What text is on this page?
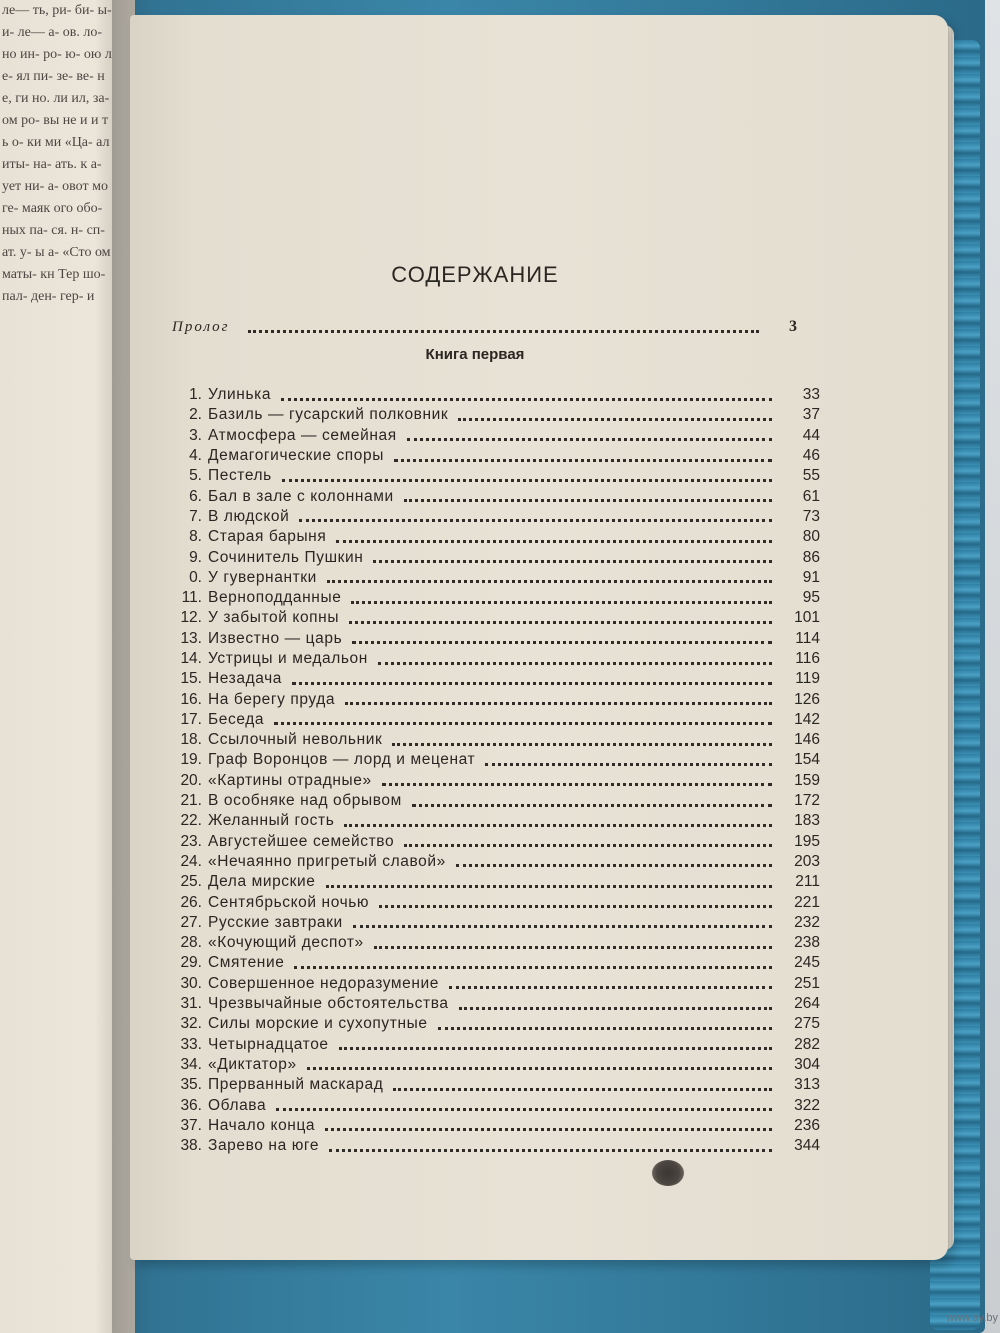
ле— ть, ри- би- ы- и- ле— а- ов. ло- но ин- ро- ю- ою ле- ял пи- зе- ве- не, ги но. ли ил, за- ом ро- вы не и и ть о- ки ми «Ца- ал иты- на- ать. к а- ует ни- а- овот моге- маяк ого обо- ных па- ся. н- сп- ат. у- ы а- «Сто ом маты- кн Тер шо- пал- ден- гер- и
СОДЕРЖАНИЕ
Пролог	3
Книга первая
1. Улинька	33
2. Базиль — гусарский полковник	37
3. Атмосфера — семейная	44
4. Демагогические споры	46
5. Пестель	55
6. Бал в зале с колоннами	61
7. В людской	73
8. Старая барыня	80
9. Сочинитель Пушкин	86
0. У гувернантки	91
11. Верноподданные	95
12. У забытой копны	101
13. Известно — царь	114
14. Устрицы и медальон	116
15. Незадача	119
16. На берегу пруда	126
17. Беседа	142
18. Ссылочный невольник	146
19. Граф Воронцов — лорд и меценат	154
20. «Картины отрадные»	159
21. В особняке над обрывом	172
22. Желанный гость	183
23. Августейшее семейство	195
24. «Нечаянно пригретый славой»	203
25. Дела мирские	211
26. Сентябрьской ночью	221
27. Русские завтраки	232
28. «Кочующий деспот»	238
29. Смятение	245
30. Совершенное недоразумение	251
31. Чрезвычайные обстоятельства	264
32. Силы морские и сухопутные	275
33. Четырнадцатое	282
34. «Диктатор»	304
35. Прерванный маскарад	313
36. Облава	322
37. Начало конца	236
38. Зарево на юге	344
www.ay.by
